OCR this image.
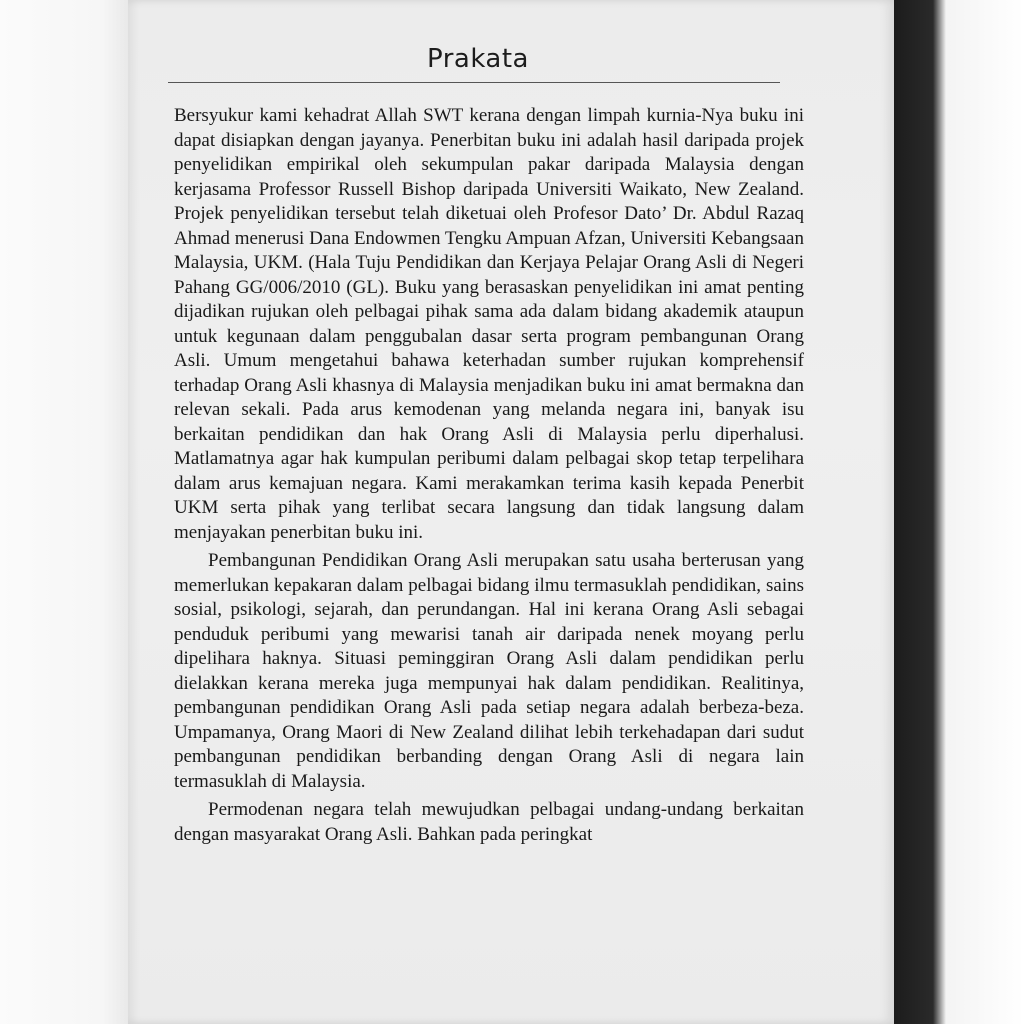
Prakata

Bersyukur kami kehadrat Allah SWT kerana dengan limpah kurnia-Nya buku ini dapat disiapkan dengan jayanya. Penerbitan buku ini adalah hasil daripada projek penyelidikan empirikal oleh sekumpulan pakar daripada Malaysia dengan kerjasama Professor Russell Bishop daripada Universiti Waikato, New Zealand. Projek penyelidikan tersebut telah diketuai oleh Profesor Dato’ Dr. Abdul Razaq Ahmad menerusi Dana Endowmen Tengku Ampuan Afzan, Universiti Kebangsaan Malaysia, UKM. (Hala Tuju Pendidikan dan Kerjaya Pelajar Orang Asli di Negeri Pahang GG/006/2010 (GL). Buku yang berasaskan penyelidikan ini amat penting dijadikan rujukan oleh pelbagai pihak sama ada dalam bidang akademik ataupun untuk kegunaan dalam penggubalan dasar serta program pembangunan Orang Asli. Umum mengetahui bahawa keterhadan sumber rujukan komprehensif terhadap Orang Asli khasnya di Malaysia menjadikan buku ini amat bermakna dan relevan sekali. Pada arus kemodenan yang melanda negara ini, banyak isu berkaitan pendidikan dan hak Orang Asli di Malaysia perlu diperhalusi. Matlamatnya agar hak kumpulan peribumi dalam pelbagai skop tetap terpelihara dalam arus kemajuan negara. Kami merakamkan terima kasih kepada Penerbit UKM serta pihak yang terlibat secara langsung dan tidak langsung dalam menjayakan penerbitan buku ini.

Pembangunan Pendidikan Orang Asli merupakan satu usaha berterusan yang memerlukan kepakaran dalam pelbagai bidang ilmu termasuklah pendidikan, sains sosial, psikologi, sejarah, dan perundangan. Hal ini kerana Orang Asli sebagai penduduk peribumi yang mewarisi tanah air daripada nenek moyang perlu dipelihara haknya. Situasi peminggiran Orang Asli dalam pendidikan perlu dielakkan kerana mereka juga mempunyai hak dalam pendidikan. Realitinya, pembangunan pendidikan Orang Asli pada setiap negara adalah berbeza-beza. Umpamanya, Orang Maori di New Zealand dilihat lebih terkehadapan dari sudut pembangunan pendidikan berbanding dengan Orang Asli di negara lain termasuklah di Malaysia.

Permodenan negara telah mewujudkan pelbagai undang-undang berkaitan dengan masyarakat Orang Asli. Bahkan pada peringkat
